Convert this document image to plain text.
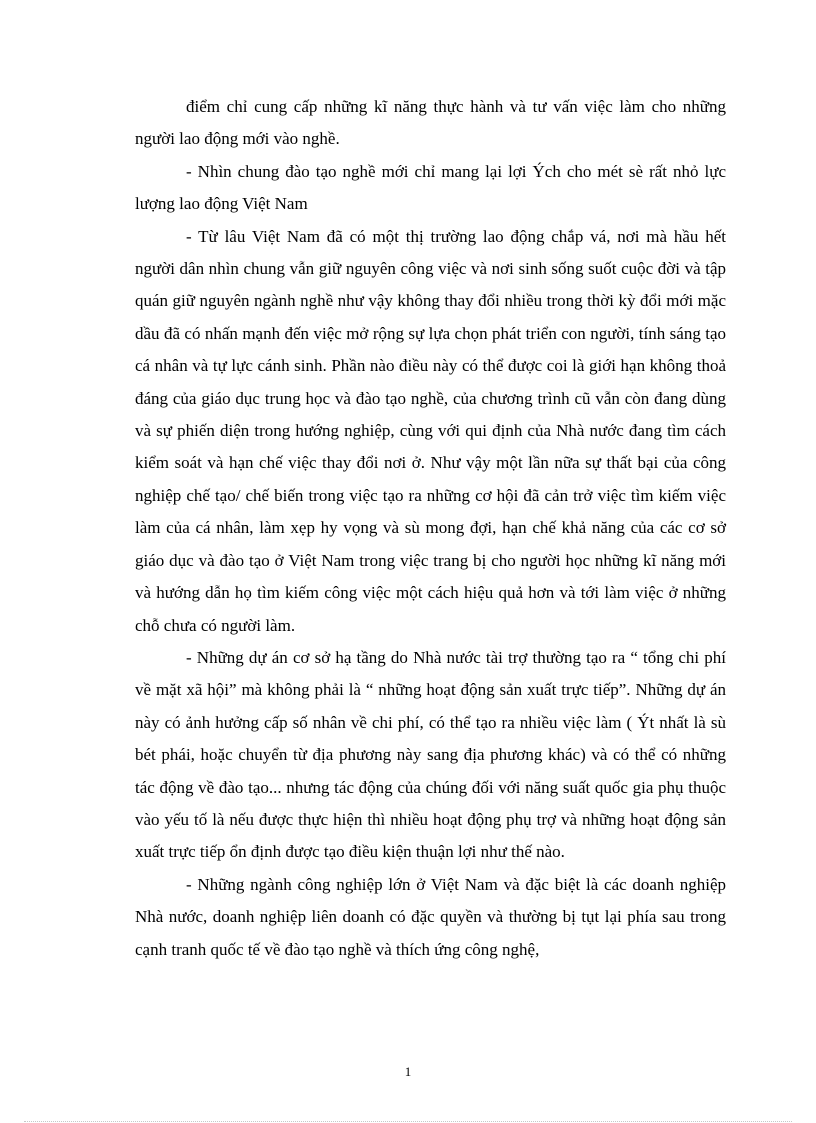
điểm chỉ cung cấp những kĩ năng thực hành và tư vấn việc làm cho những người lao động mới vào nghề.

- Nhìn chung đào tạo nghề mới chỉ mang lại lợi Ých cho mét sè rất nhỏ lực lượng lao động Việt Nam

- Từ lâu Việt Nam đã có một thị trường lao động chắp vá, nơi mà hầu hết người dân nhìn chung vẫn giữ nguyên công việc và nơi sinh sống suốt cuộc đời và tập quán giữ nguyên ngành nghề như vậy không thay đổi nhiều trong thời kỳ đổi mới mặc dầu đã có nhấn mạnh đến việc mở rộng sự lựa chọn phát triển con người, tính sáng tạo cá nhân và tự lực cánh sinh. Phần nào điều này có thể được coi là giới hạn không thoả đáng của giáo dục trung học và đào tạo nghề, của chương trình cũ vẫn còn đang dùng và sự phiến diện trong hướng nghiệp, cùng với qui định của Nhà nước đang tìm cách kiểm soát và hạn chế việc thay đổi nơi ở. Như vậy một lần nữa sự thất bại của công nghiệp chế tạo/ chế biến trong việc tạo ra những cơ hội đã cản trở việc tìm kiếm việc làm của cá nhân, làm xẹp hy vọng và sù mong đợi, hạn chế khả năng của các cơ sở giáo dục và đào tạo ở Việt Nam trong việc trang bị cho người học những kĩ năng mới và hướng dẫn họ tìm kiếm công việc một cách hiệu quả hơn và tới làm việc ở những chỗ chưa có người làm.

- Những dự án cơ sở hạ tầng do Nhà nước tài trợ thường tạo ra “ tổng chi phí về mặt xã hội” mà không phải là “ những hoạt động sản xuất trực tiếp”. Những dự án này có ảnh hưởng cấp số nhân về chi phí, có thể tạo ra nhiều việc làm ( Ýt nhất là sù bét phái, hoặc chuyển từ địa phương này sang địa phương khác) và có thể có những tác động về đào tạo... nhưng tác động của chúng đối với năng suất quốc gia phụ thuộc vào yếu tố là nếu được thực hiện thì nhiều hoạt động phụ trợ và những hoạt động sản xuất trực tiếp ổn định được tạo điều kiện thuận lợi như thế nào.

- Những ngành công nghiệp lớn ở Việt Nam và đặc biệt là các doanh nghiệp Nhà nước, doanh nghiệp liên doanh có đặc quyền và thường bị tụt lại phía sau trong cạnh tranh quốc tế về đào tạo nghề và thích ứng công nghệ,

1
